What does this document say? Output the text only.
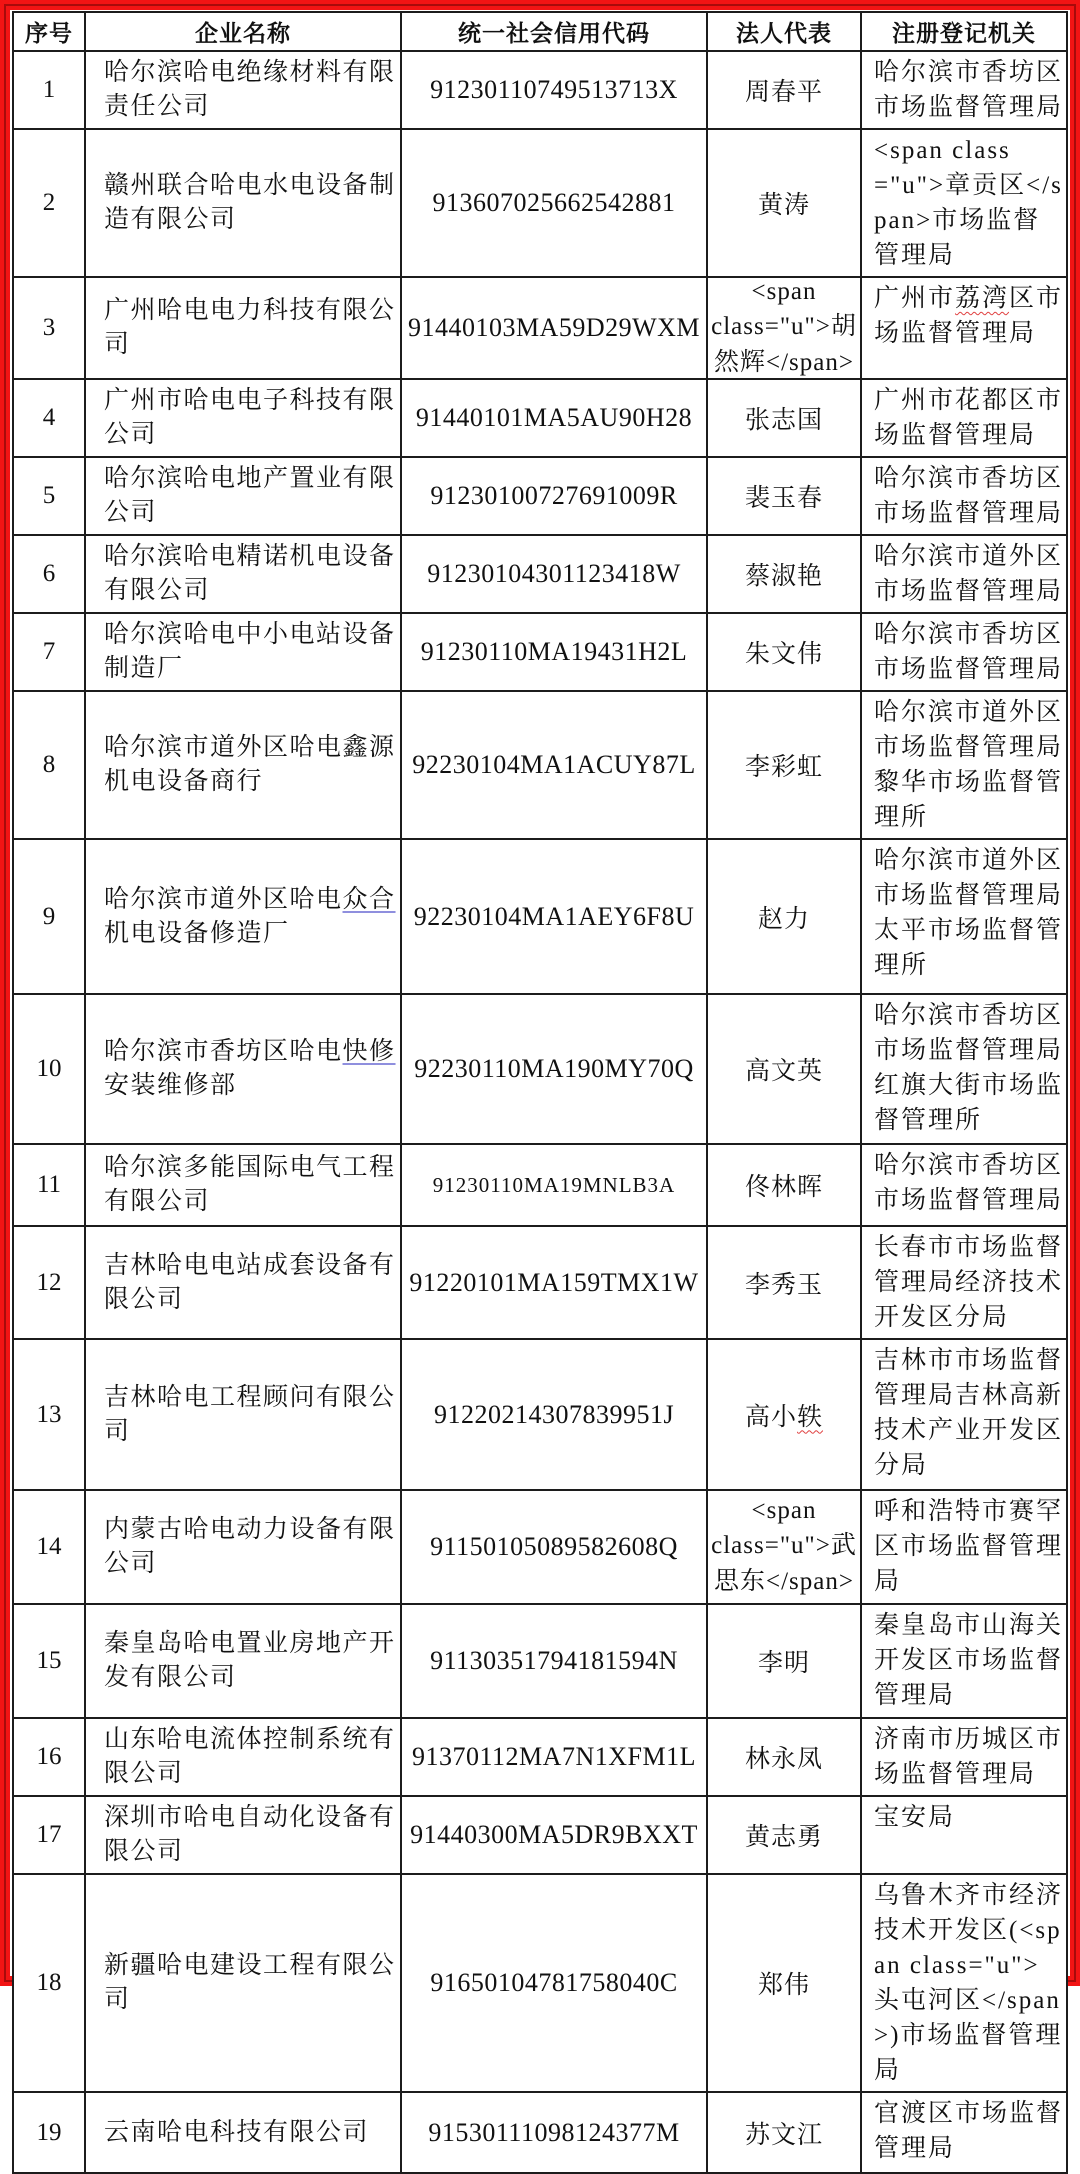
序号	企业名称	统一社会信用代码	法人代表	注册登记机关
1	哈尔滨哈电绝缘材料有限责任公司	91230110749513713X	周春平	哈尔滨市香坊区市场监督管理局
2	赣州联合哈电水电设备制造有限公司	913607025662542881	黄涛	<span class="u">章贡区</span>市场监督管理局
3	广州哈电电力科技有限公司	91440103MA59D29WXM	<span class="u">胡然辉</span>	广州市荔湾区市场监督管理局
4	广州市哈电电子科技有限公司	91440101MA5AU90H28	张志国	广州市花都区市场监督管理局
5	哈尔滨哈电地产置业有限公司	91230100727691009R	裴玉春	哈尔滨市香坊区市场监督管理局
6	哈尔滨哈电精诺机电设备有限公司	91230104301123418W	蔡淑艳	哈尔滨市道外区市场监督管理局
7	哈尔滨哈电中小电站设备制造厂	91230110MA19431H2L	朱文伟	哈尔滨市香坊区市场监督管理局
8	哈尔滨市道外区哈电鑫源机电设备商行	92230104MA1ACUY87L	李彩虹	哈尔滨市道外区市场监督管理局黎华市场监督管理所
9	哈尔滨市道外区哈电众合机电设备修造厂	92230104MA1AEY6F8U	赵力	哈尔滨市道外区市场监督管理局太平市场监督管理所
10	哈尔滨市香坊区哈电快修安装维修部	92230110MA190MY70Q	高文英	哈尔滨市香坊区市场监督管理局红旗大街市场监督管理所
11	哈尔滨多能国际电气工程有限公司	91230110MA19MNLB3A	佟林晖	哈尔滨市香坊区市场监督管理局
12	吉林哈电电站成套设备有限公司	91220101MA159TMX1W	李秀玉	长春市市场监督管理局经济技术开发区分局
13	吉林哈电工程顾问有限公司	91220214307839951J	高小轶	吉林市市场监督管理局吉林高新技术产业开发区分局
14	内蒙古哈电动力设备有限公司	91150105089582608Q	<span class="u">武思东</span>	呼和浩特市赛罕区市场监督管理局
15	秦皇岛哈电置业房地产开发有限公司	91130351794181594N	李明	秦皇岛市山海关开发区市场监督管理局
16	山东哈电流体控制系统有限公司	91370112MA7N1XFM1L	林永凤	济南市历城区市场监督管理局
17	深圳市哈电自动化设备有限公司	91440300MA5DR9BXXT	黄志勇	宝安局
18	新疆哈电建设工程有限公司	91650104781758040C	郑伟	乌鲁木齐市经济技术开发区(<span class="u">头屯河区</span>)市场监督管理局
19	云南哈电科技有限公司	91530111098124377M	苏文江	官渡区市场监督管理局
